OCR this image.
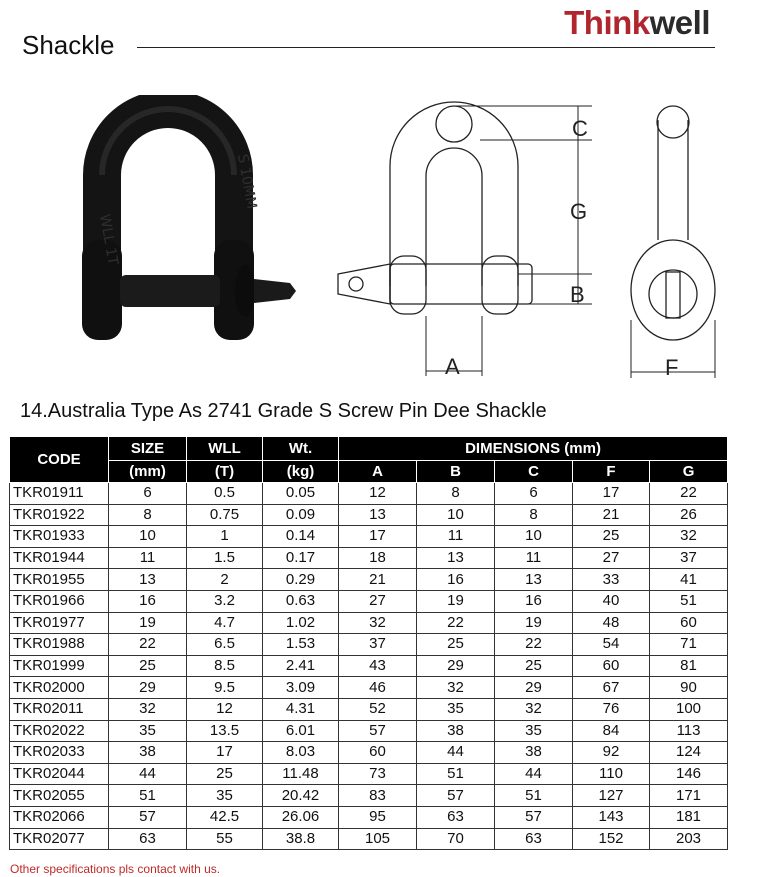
Shackle
Thinkwell
WLL 1T
S 10MM
C
G
B
A	F
14.Australia Type As 2741 Grade S Screw Pin Dee Shackle
CODE	SIZE	WLL	Wt.	DIMENSIONS (mm)				
	(mm)	(T)	(kg)	A	B	C	F	G
TKR01911	6	0.5	0.05	12	8	6	17	22
TKR01922	8	0.75	0.09	13	10	8	21	26
TKR01933	10	1	0.14	17	11	10	25	32
TKR01944	11	1.5	0.17	18	13	11	27	37
TKR01955	13	2	0.29	21	16	13	33	41
TKR01966	16	3.2	0.63	27	19	16	40	51
TKR01977	19	4.7	1.02	32	22	19	48	60
TKR01988	22	6.5	1.53	37	25	22	54	71
TKR01999	25	8.5	2.41	43	29	25	60	81
TKR02000	29	9.5	3.09	46	32	29	67	90
TKR02011	32	12	4.31	52	35	32	76	100
TKR02022	35	13.5	6.01	57	38	35	84	113
TKR02033	38	17	8.03	60	44	38	92	124
TKR02044	44	25	11.48	73	51	44	110	146
TKR02055	51	35	20.42	83	57	51	127	171
TKR02066	57	42.5	26.06	95	63	57	143	181
TKR02077	63	55	38.8	105	70	63	152	203
Other specifications pls contact with us.
